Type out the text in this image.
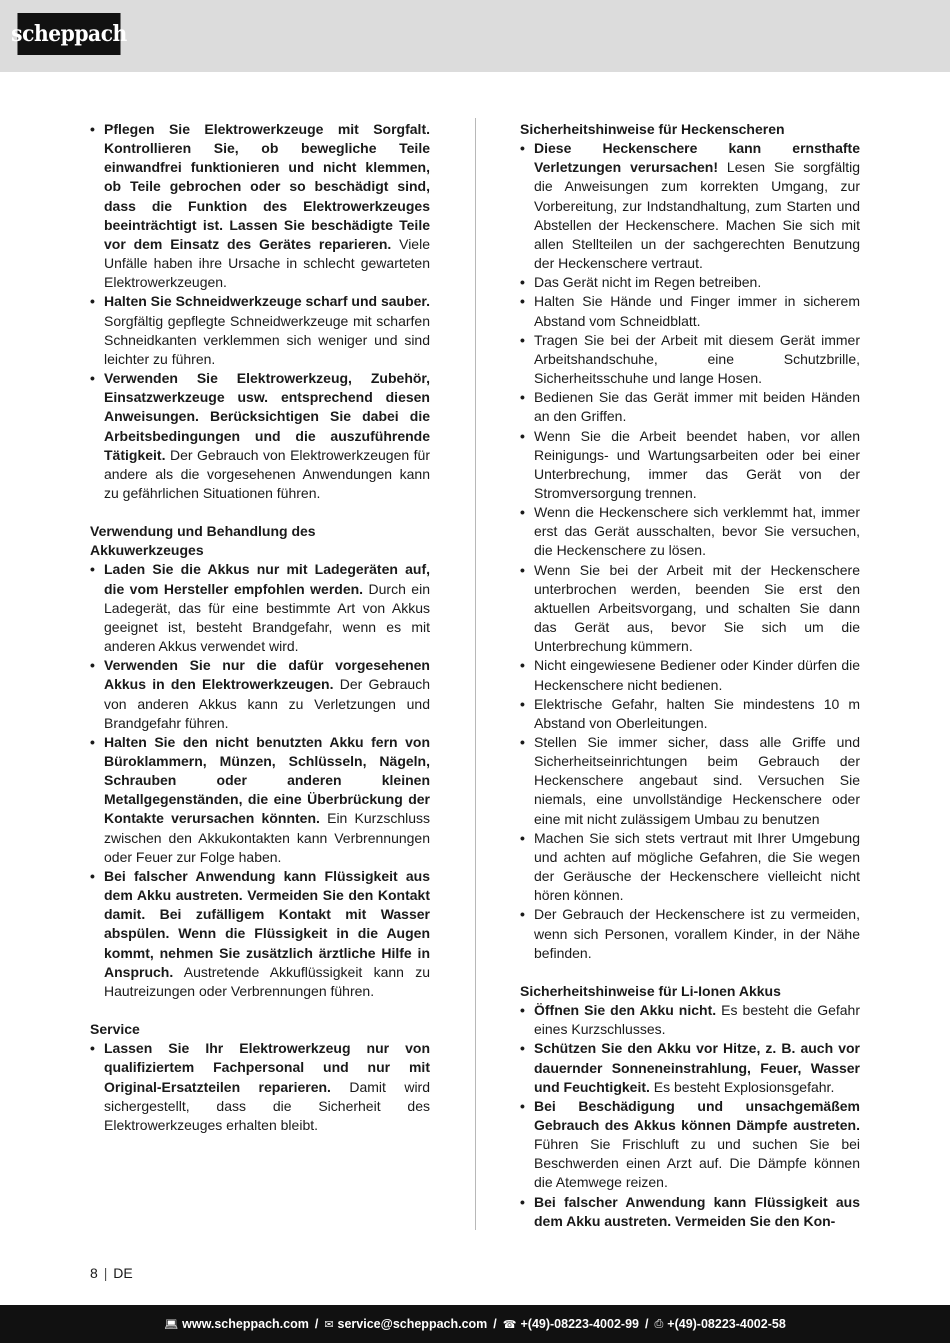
scheppach
• Pflegen Sie Elektrowerkzeuge mit Sorgfalt. Kontrollieren Sie, ob bewegliche Teile einwandfrei funktionieren und nicht klemmen, ob Teile gebrochen oder so beschädigt sind, dass die Funktion des Elektrowerkzeuges beeinträchtigt ist. Lassen Sie beschädigte Teile vor dem Einsatz des Gerätes reparieren. Viele Unfälle haben ihre Ursache in schlecht gewarteten Elektrowerkzeugen.
• Halten Sie Schneidwerkzeuge scharf und sauber. Sorgfältig gepflegte Schneidwerkzeuge mit scharfen Schneidkanten verklemmen sich weniger und sind leichter zu führen.
• Verwenden Sie Elektrowerkzeug, Zubehör, Einsatzwerkzeuge usw. entsprechend diesen Anweisungen. Berücksichtigen Sie dabei die Arbeitsbedingungen und die auszuführende Tätigkeit. Der Gebrauch von Elektrowerkzeugen für andere als die vorgesehenen Anwendungen kann zu gefährlichen Situationen führen.
Verwendung und Behandlung des Akkuwerkzeuges
• Laden Sie die Akkus nur mit Ladegeräten auf, die vom Hersteller empfohlen werden. Durch ein Ladegerät, das für eine bestimmte Art von Akkus geeignet ist, besteht Brandgefahr, wenn es mit anderen Akkus verwendet wird.
• Verwenden Sie nur die dafür vorgesehenen Akkus in den Elektrowerkzeugen. Der Gebrauch von anderen Akkus kann zu Verletzungen und Brandgefahr führen.
• Halten Sie den nicht benutzten Akku fern von Büroklammern, Münzen, Schlüsseln, Nägeln, Schrauben oder anderen kleinen Metallgegenständen, die eine Überbrückung der Kontakte verursachen könnten. Ein Kurzschluss zwischen den Akkukontakten kann Verbrennungen oder Feuer zur Folge haben.
• Bei falscher Anwendung kann Flüssigkeit aus dem Akku austreten. Vermeiden Sie den Kontakt damit. Bei zufälligem Kontakt mit Wasser abspülen. Wenn die Flüssigkeit in die Augen kommt, nehmen Sie zusätzlich ärztliche Hilfe in Anspruch. Austretende Akkuflüssigkeit kann zu Hautreizungen oder Verbrennungen führen.
Service
• Lassen Sie Ihr Elektrowerkzeug nur von qualifiziertem Fachpersonal und nur mit Original-Ersatzteilen reparieren. Damit wird sichergestellt, dass die Sicherheit des Elektrowerkzeuges erhalten bleibt.
Sicherheitshinweise für Heckenscheren
• Diese Heckenschere kann ernsthafte Verletzungen verursachen! Lesen Sie sorgfältig die Anweisungen zum korrekten Umgang, zur Vorbereitung, zur Indstandhaltung, zum Starten und Abstellen der Heckenschere. Machen Sie sich mit allen Stellteilen un der sachgerechten Benutzung der Heckenschere vertraut.
• Das Gerät nicht im Regen betreiben.
• Halten Sie Hände und Finger immer in sicherem Abstand vom Schneidblatt.
• Tragen Sie bei der Arbeit mit diesem Gerät immer Arbeitshandschuhe, eine Schutzbrille, Sicherheitsschuhe und lange Hosen.
• Bedienen Sie das Gerät immer mit beiden Händen an den Griffen.
• Wenn Sie die Arbeit beendet haben, vor allen Reinigungs- und Wartungsarbeiten oder bei einer Unterbrechung, immer das Gerät von der Stromversorgung trennen.
• Wenn die Heckenschere sich verklemmt hat, immer erst das Gerät ausschalten, bevor Sie versuchen, die Heckenschere zu lösen.
• Wenn Sie bei der Arbeit mit der Heckenschere unterbrochen werden, beenden Sie erst den aktuellen Arbeitsvorgang, und schalten Sie dann das Gerät aus, bevor Sie sich um die Unterbrechung kümmern.
• Nicht eingewiesene Bediener oder Kinder dürfen die Heckenschere nicht bedienen.
• Elektrische Gefahr, halten Sie mindestens 10 m Abstand von Oberleitungen.
• Stellen Sie immer sicher, dass alle Griffe und Sicherheitseinrichtungen beim Gebrauch der Heckenschere angebaut sind. Versuchen Sie niemals, eine unvollständige Heckenschere oder eine mit nicht zulässigem Umbau zu benutzen
• Machen Sie sich stets vertraut mit Ihrer Umgebung und achten auf mögliche Gefahren, die Sie wegen der Geräusche der Heckenschere vielleicht nicht hören können.
• Der Gebrauch der Heckenschere ist zu vermeiden, wenn sich Personen, vorallem Kinder, in der Nähe befinden.
Sicherheitshinweise für Li-Ionen Akkus
• Öffnen Sie den Akku nicht. Es besteht die Gefahr eines Kurzschlusses.
• Schützen Sie den Akku vor Hitze, z. B. auch vor dauernder Sonneneinstrahlung, Feuer, Wasser und Feuchtigkeit. Es besteht Explosionsgefahr.
• Bei Beschädigung und unsachgemäßem Gebrauch des Akkus können Dämpfe austreten. Führen Sie Frischluft zu und suchen Sie bei Beschwerden einen Arzt auf. Die Dämpfe können die Atemwege reizen.
• Bei falscher Anwendung kann Flüssigkeit aus dem Akku austreten. Vermeiden Sie den Kon-
8 | DE
💻︎ www.scheppach.com / ✉︎ service@scheppach.com / ☎︎ +(49)-08223-4002-99 / ⎙ +(49)-08223-4002-58
